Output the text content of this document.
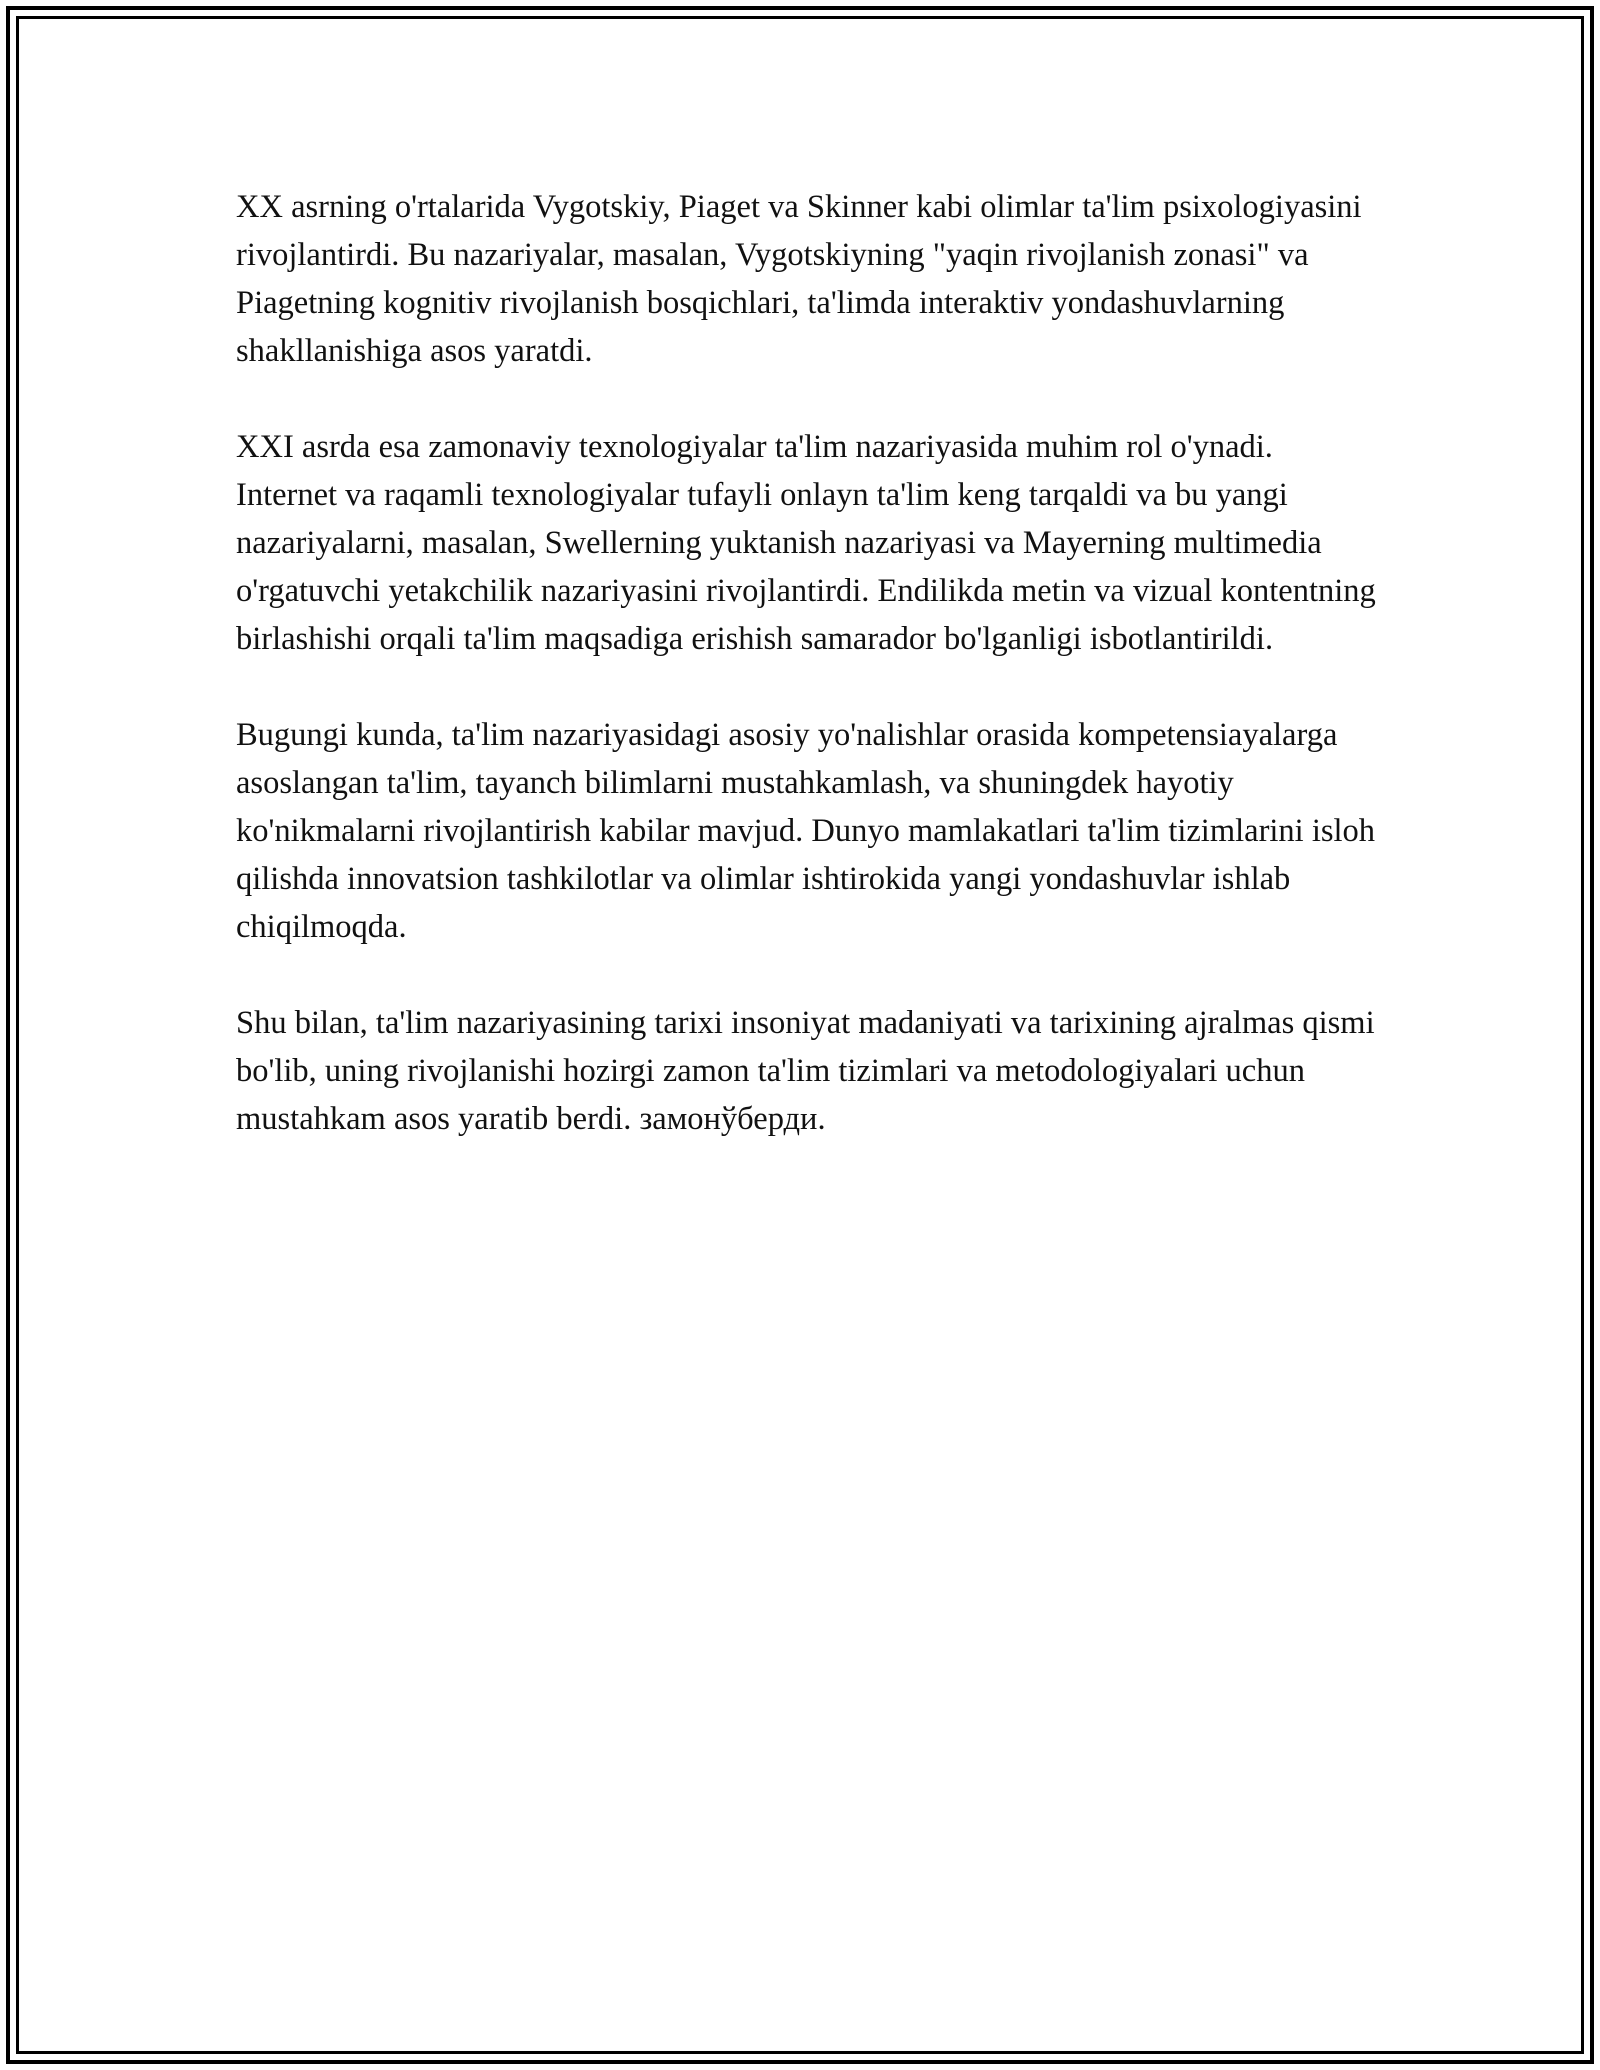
XX asrning o'rtalarida Vygotskiy, Piaget va Skinner kabi olimlar ta'lim psixologiyasini rivojlantirdi. Bu nazariyalar, masalan, Vygotskiyning "yaqin rivojlanish zonasi" va Piagetning kognitiv rivojlanish bosqichlari, ta'limda interaktiv yondashuvlarning shakllanishiga asos yaratdi.

XXI asrda esa zamonaviy texnologiyalar ta'lim nazariyasida muhim rol o'ynadi. Internet va raqamli texnologiyalar tufayli onlayn ta'lim keng tarqaldi va bu yangi nazariyalarni, masalan, Swellerning yuktanish nazariyasi va Mayerning multimedia o'rgatuvchi yetakchilik nazariyasini rivojlantirdi. Endilikda metin va vizual kontentning birlashishi orqali ta'lim maqsadiga erishish samarador bo'lganligi isbotlantirildi.

Bugungi kunda, ta'lim nazariyasidagi asosiy yo'nalishlar orasida kompetensiayalarga asoslangan ta'lim, tayanch bilimlarni mustahkamlash, va shuningdek hayotiy ko'nikmalarni rivojlantirish kabilar mavjud. Dunyo mamlakatlari ta'lim tizimlarini isloh qilishda innovatsion tashkilotlar va olimlar ishtirokida yangi yondashuvlar ishlab chiqilmoqda.

Shu bilan, ta'lim nazariyasining tarixi insoniyat madaniyati va tarixining ajralmas qismi bo'lib, uning rivojlanishi hozirgi zamon ta'lim tizimlari va metodologiyalari uchun mustahkam asos yaratib berdi. замонўберди.
